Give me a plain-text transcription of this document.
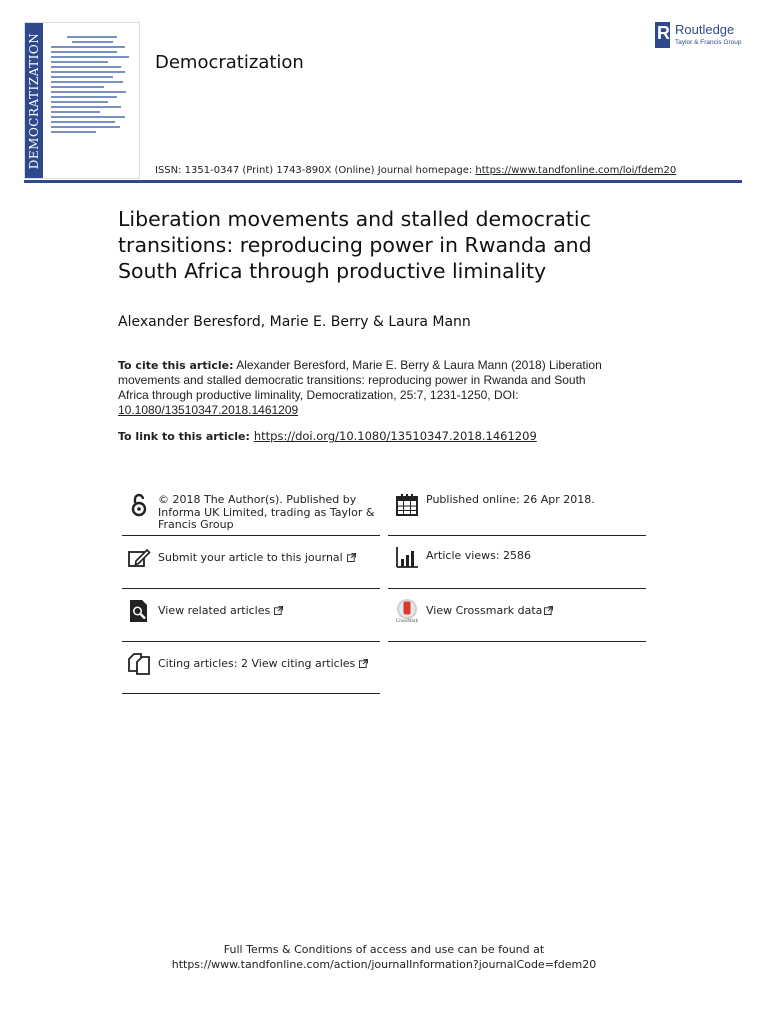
DEMOCRATIZATION	Democratization
R
Routledge
Taylor & Francis Group
ISSN: 1351-0347 (Print) 1743-890X (Online) Journal homepage: https://www.tandfonline.com/loi/fdem20
Liberation movements and stalled democratic transitions: reproducing power in Rwanda and South Africa through productive liminality
Alexander Beresford, Marie E. Berry & Laura Mann
To cite this article: Alexander Beresford, Marie E. Berry & Laura Mann (2018) Liberation movements and stalled democratic transitions: reproducing power in Rwanda and South Africa through productive liminality, Democratization, 25:7, 1231-1250, DOI: 10.1080/13510347.2018.1461209
To link to this article: https://doi.org/10.1080/13510347.2018.1461209
© 2018 The Author(s). Published by Informa UK Limited, trading as Taylor & Francis Group
Published online: 26 Apr 2018.
Submit your article to this journal	Article views: 2586
View related articles
CrossMark
View Crossmark data
Citing articles: 2 View citing articles
Full Terms & Conditions of access and use can be found at
https://www.tandfonline.com/action/journalInformation?journalCode=fdem20
